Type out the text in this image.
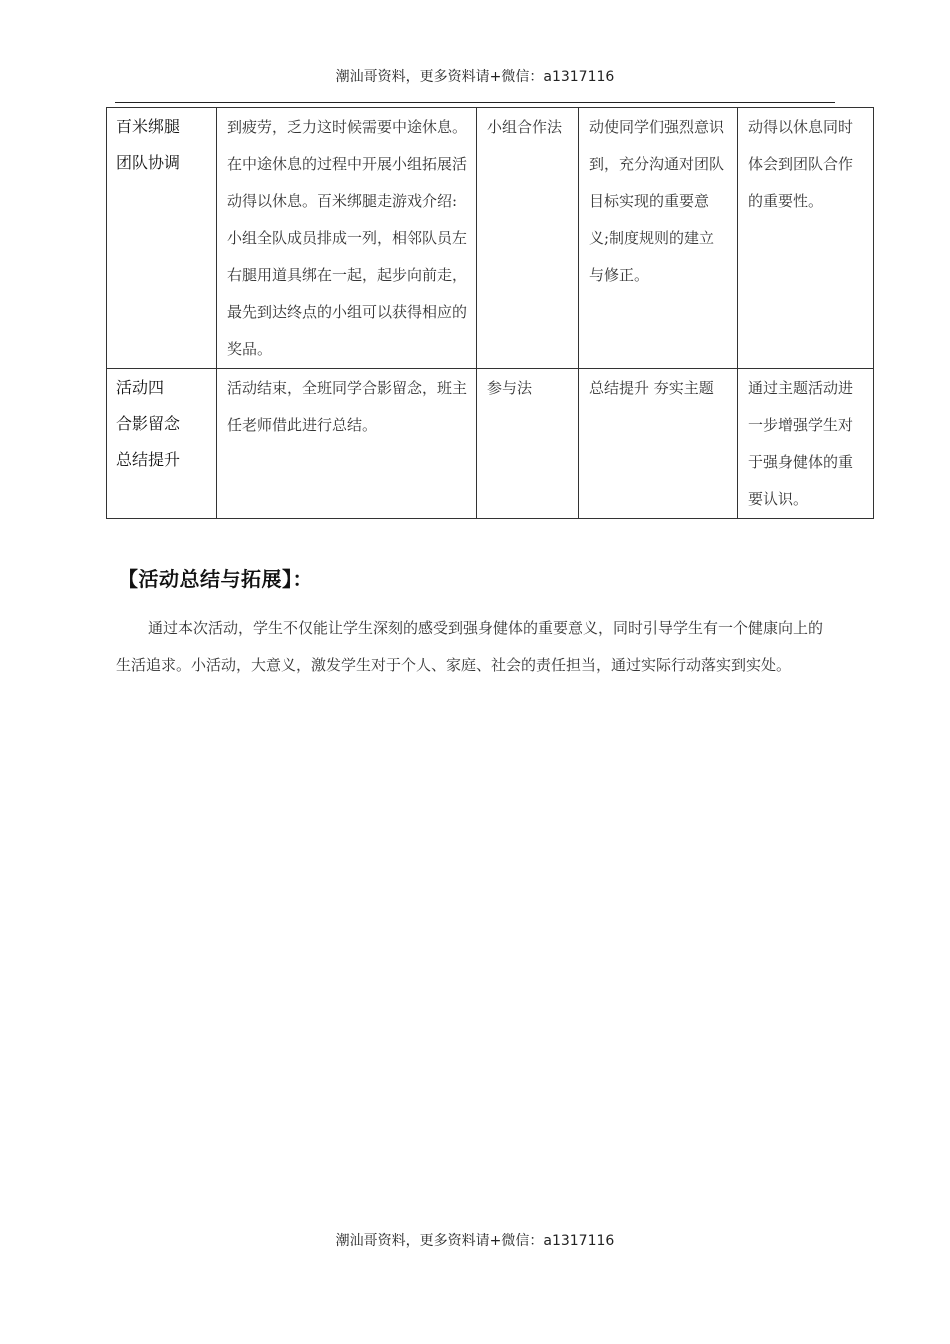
潮汕哥资料，更多资料请+微信：a1317116
百米绑腿
团队协调	到疲劳，乏力这时候需要中途休息。在中途休息的过程中开展小组拓展活动得以休息。百米绑腿走游戏介绍:小组全队成员排成一列，相邻队员左右腿用道具绑在一起，起步向前走，最先到达终点的小组可以获得相应的奖品。	小组合作法	动使同学们强烈意识到，充分沟通对团队目标实现的重要意义;制度规则的建立与修正。	动得以休息同时体会到团队合作的重要性。

活动四
合影留念
总结提升	活动结束，全班同学合影留念，班主任老师借此进行总结。	参与法	总结提升 夯实主题	通过主题活动进一步增强学生对于强身健体的重要认识。
【活动总结与拓展】：

通过本次活动，学生不仅能让学生深刻的感受到强身健体的重要意义，同时引导学生有一个健康向上的生活追求。小活动，大意义，激发学生对于个人、家庭、社会的责任担当，通过实际行动落实到实处。

潮汕哥资料，更多资料请+微信：a1317116
